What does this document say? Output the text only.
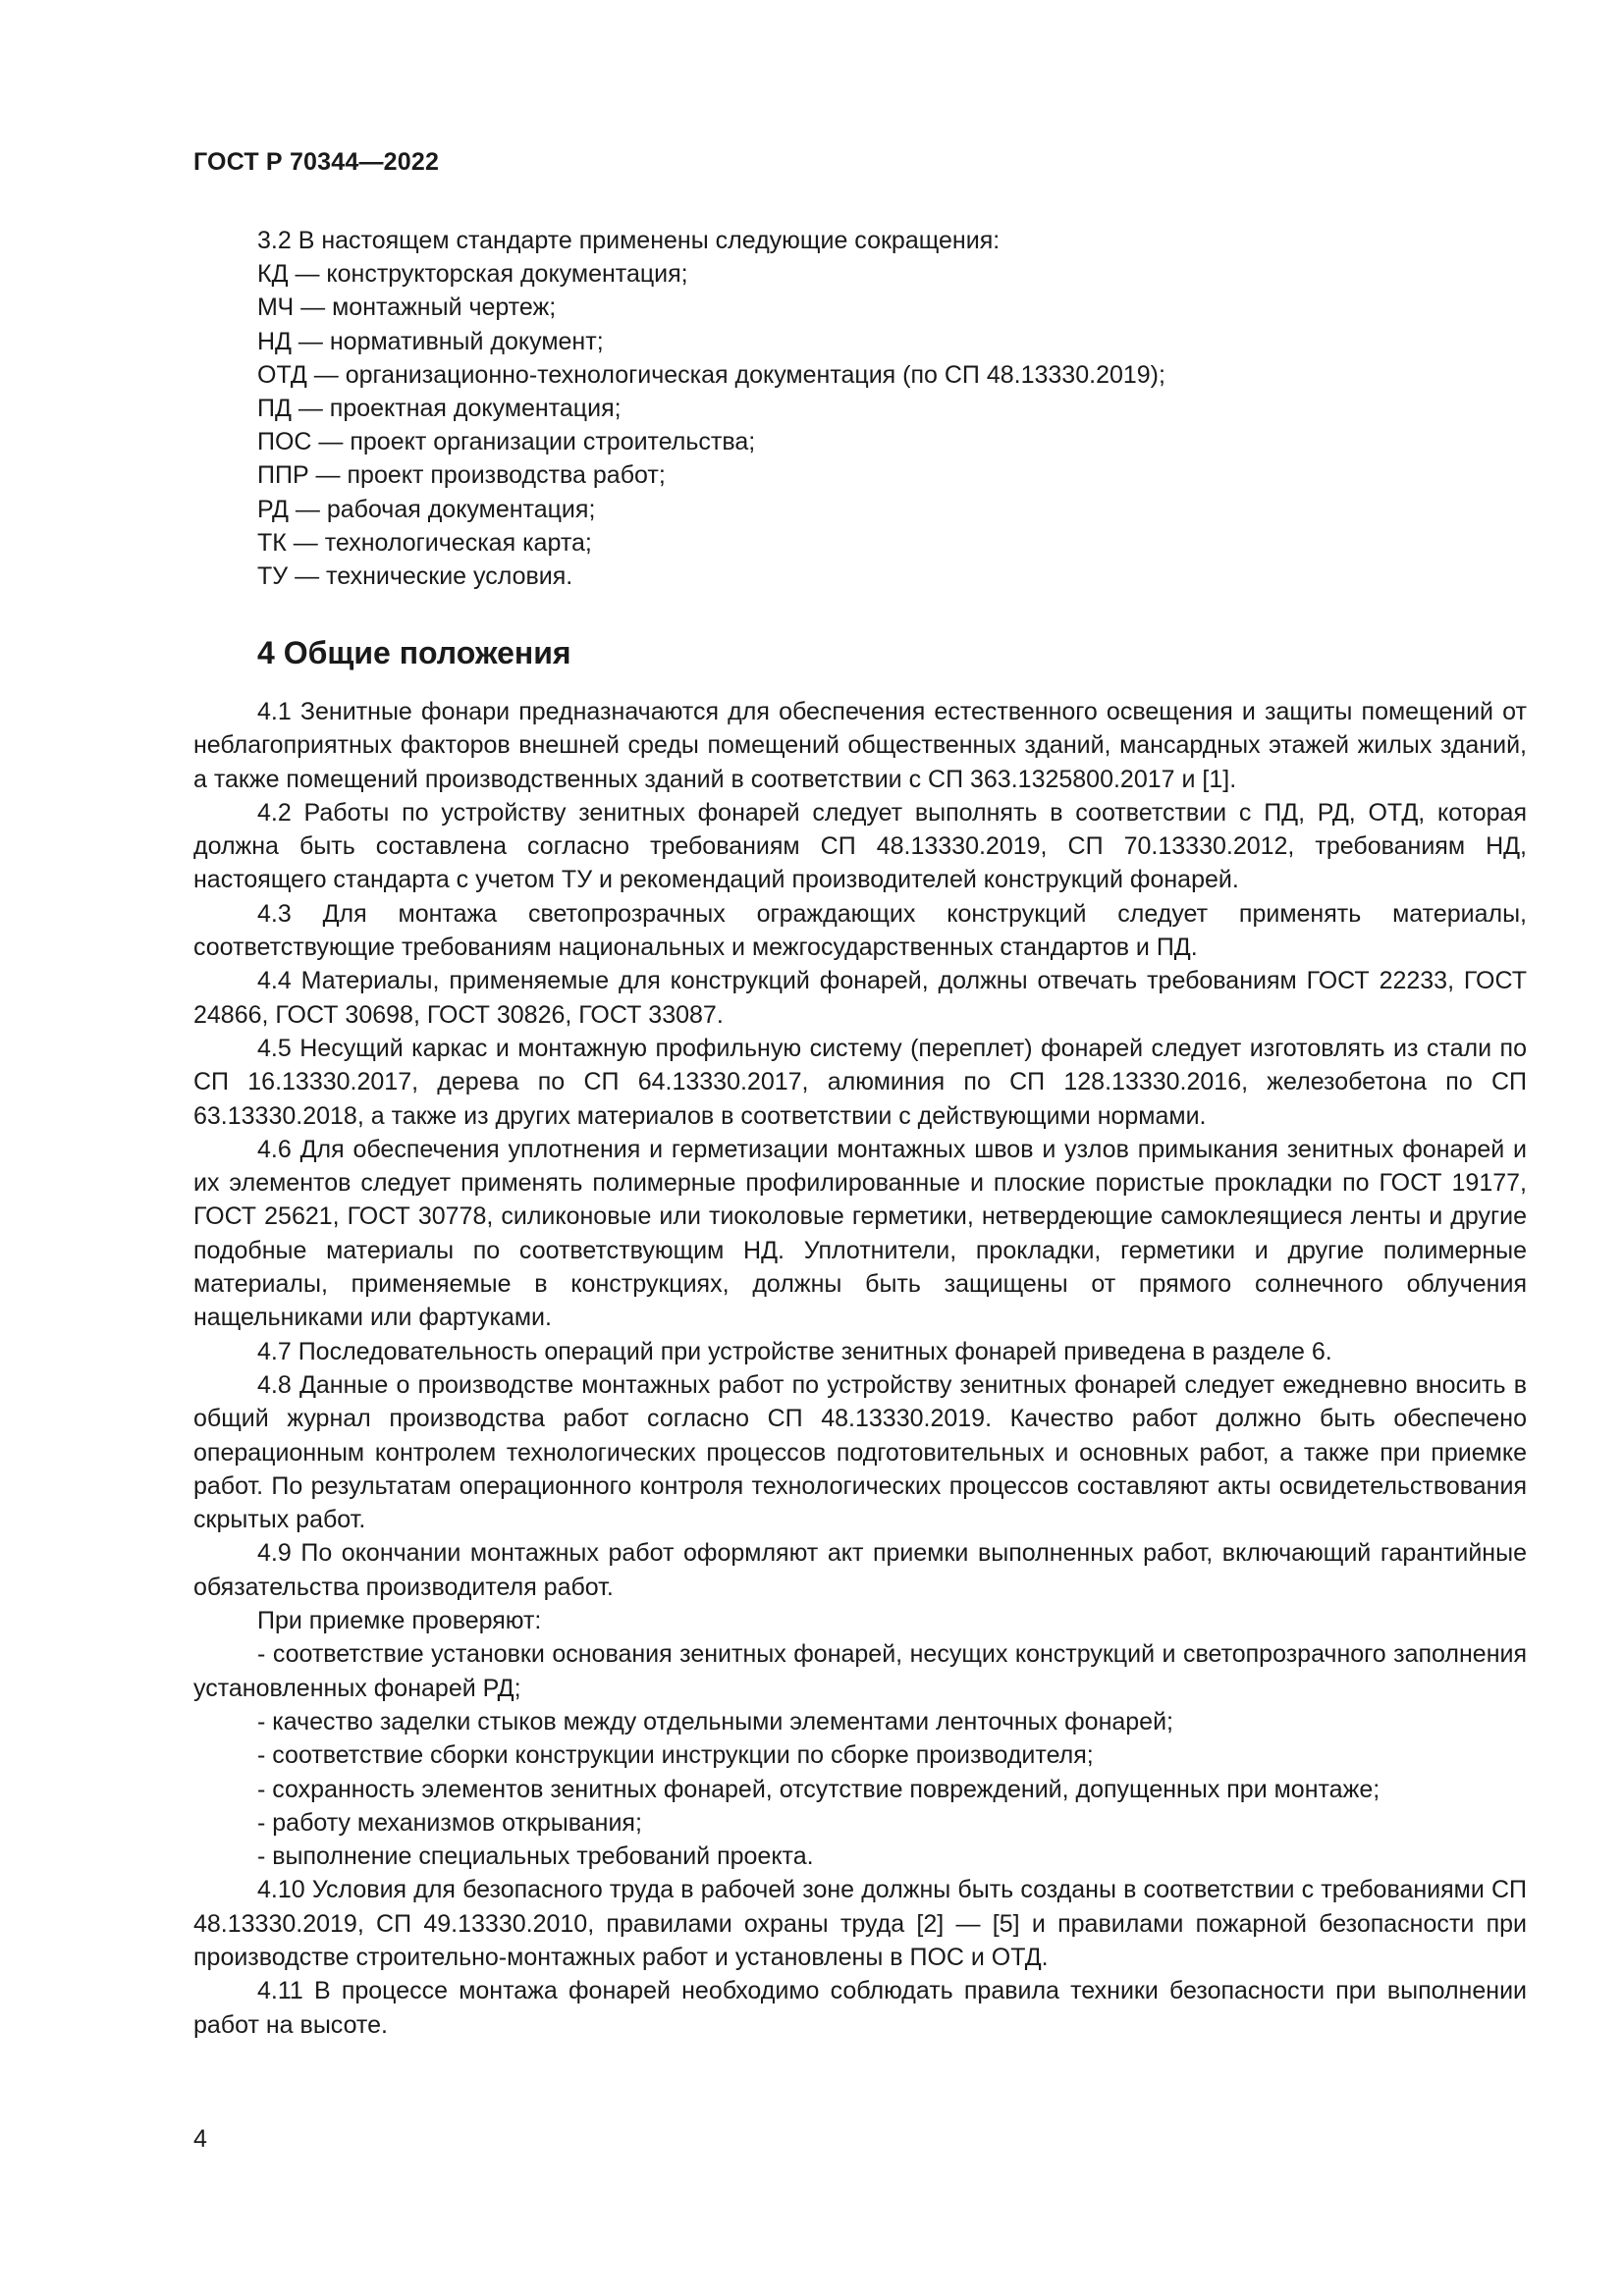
ГОСТ Р 70344—2022
3.2 В настоящем стандарте применены следующие сокращения:
КД — конструкторская документация;
МЧ — монтажный чертеж;
НД — нормативный документ;
ОТД — организационно-технологическая документация (по СП 48.13330.2019);
ПД — проектная документация;
ПОС — проект организации строительства;
ППР — проект производства работ;
РД — рабочая документация;
ТК — технологическая карта;
ТУ — технические условия.
4 Общие положения

4.1 Зенитные фонари предназначаются для обеспечения естественного освещения и защиты помещений от неблагоприятных факторов внешней среды помещений общественных зданий, мансардных этажей жилых зданий, а также помещений производственных зданий в соответствии с СП 363.1325800.2017 и [1].

4.2 Работы по устройству зенитных фонарей следует выполнять в соответствии с ПД, РД, ОТД, которая должна быть составлена согласно требованиям СП 48.13330.2019, СП 70.13330.2012, требованиям НД, настоящего стандарта с учетом ТУ и рекомендаций производителей конструкций фонарей.

4.3 Для монтажа светопрозрачных ограждающих конструкций следует применять материалы, соответствующие требованиям национальных и межгосударственных стандартов и ПД.

4.4 Материалы, применяемые для конструкций фонарей, должны отвечать требованиям ГОСТ 22233, ГОСТ 24866, ГОСТ 30698, ГОСТ 30826, ГОСТ 33087.

4.5 Несущий каркас и монтажную профильную систему (переплет) фонарей следует изготовлять из стали по СП 16.13330.2017, дерева по СП 64.13330.2017, алюминия по СП 128.13330.2016, железобетона по СП 63.13330.2018, а также из других материалов в соответствии с действующими нормами.

4.6 Для обеспечения уплотнения и герметизации монтажных швов и узлов примыкания зенитных фонарей и их элементов следует применять полимерные профилированные и плоские пористые прокладки по ГОСТ 19177, ГОСТ 25621, ГОСТ 30778, силиконовые или тиоколовые герметики, нетвердеющие самоклеящиеся ленты и другие подобные материалы по соответствующим НД. Уплотнители, прокладки, герметики и другие полимерные материалы, применяемые в конструкциях, должны быть защищены от прямого солнечного облучения нащельниками или фартуками.

4.7 Последовательность операций при устройстве зенитных фонарей приведена в разделе 6.

4.8 Данные о производстве монтажных работ по устройству зенитных фонарей следует ежедневно вносить в общий журнал производства работ согласно СП 48.13330.2019. Качество работ должно быть обеспечено операционным контролем технологических процессов подготовительных и основных работ, а также при приемке работ. По результатам операционного контроля технологических процессов составляют акты освидетельствования скрытых работ.

4.9 По окончании монтажных работ оформляют акт приемки выполненных работ, включающий гарантийные обязательства производителя работ.

При приемке проверяют:

- соответствие установки основания зенитных фонарей, несущих конструкций и светопрозрачного заполнения установленных фонарей РД;

- качество заделки стыков между отдельными элементами ленточных фонарей;

- соответствие сборки конструкции инструкции по сборке производителя;

- сохранность элементов зенитных фонарей, отсутствие повреждений, допущенных при монтаже;

- работу механизмов открывания;

- выполнение специальных требований проекта.

4.10 Условия для безопасного труда в рабочей зоне должны быть созданы в соответствии с требованиями СП 48.13330.2019, СП 49.13330.2010, правилами охраны труда [2] — [5] и правилами пожарной безопасности при производстве строительно-монтажных работ и установлены в ПОС и ОТД.

4.11 В процессе монтажа фонарей необходимо соблюдать правила техники безопасности при выполнении работ на высоте.

4
